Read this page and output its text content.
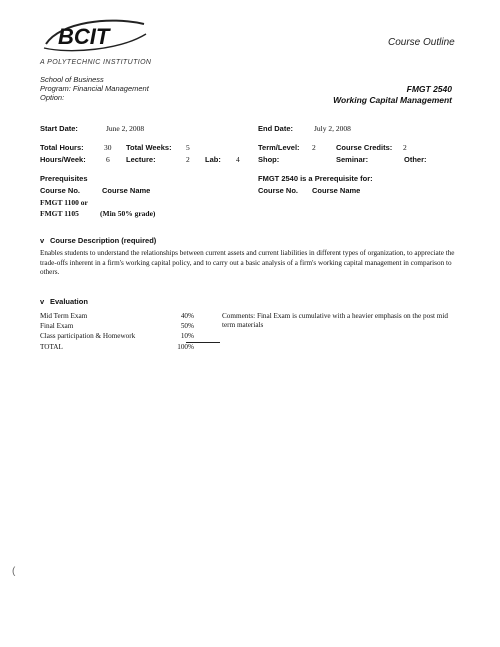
BCIT
A POLYTECHNIC INSTITUTION
Course Outline
School of Business
Program: Financial Management
Option:
FMGT 2540
Working Capital Management
Start Date:	June 2, 2008	End Date:	July 2, 2008
Total Hours:	30 Total Weeks: 5	Term/Level: 2	Course Credits: 2
Hours/Week:	6 Lecture:	2 Lab: 4 Shop:	Seminar:	Other:
Prerequisites
Course No.	Course Name
FMGT 1100 or
FMGT 1105	(Min 50% grade)
FMGT 2540 is a Prerequisite for:
Course No. Course Name
v Course Description (required)
Enables students to understand the relationships between current assets and current liabilities in different types of organization, to appreciate the trade-offs inherent in a firm's working capital policy, and to carry out a basic analysis of a firm's working capital management in comparison to others.
v Evaluation
Mid Term Exam	40%
Final Exam	50%
Class participation & Homework	10%
TOTAL	100%
Comments: Final Exam is cumulative with a heavier emphasis on the post mid term materials
(
